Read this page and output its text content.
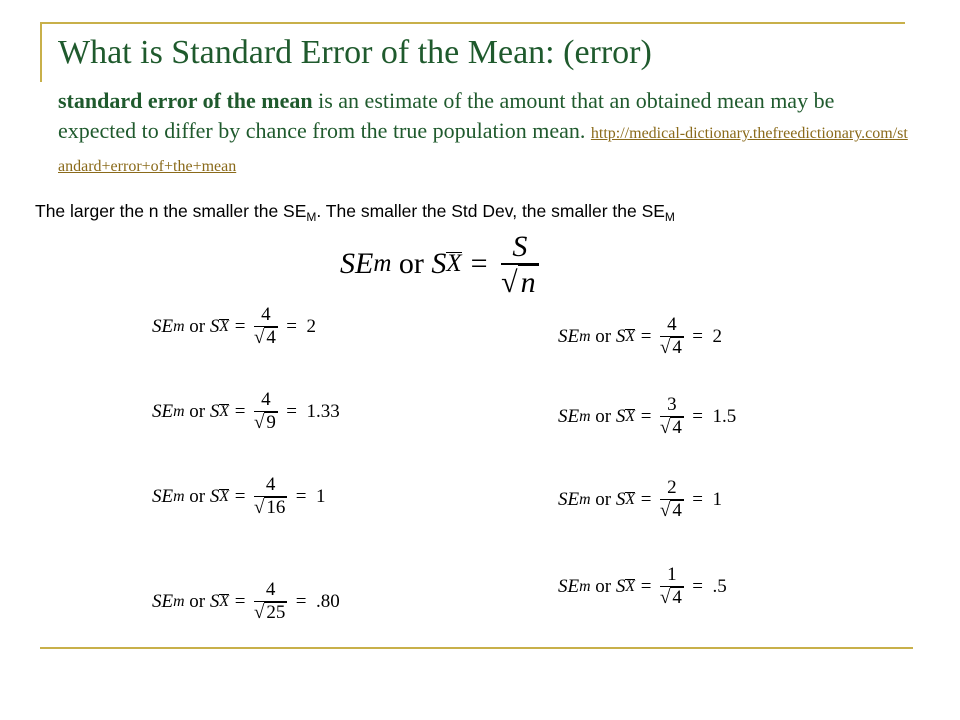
What is Standard Error of the Mean: (error)

standard error of the mean is an estimate of the amount that an obtained mean may be expected to differ by chance from the true population mean. http://medical-dictionary.thefreedictionary.com/standard+error+of+the+mean

The larger the n the smaller the $SE_M$. The smaller the Std Dev, the smaller the $SE_M$

SE m or S $X = \frac{S}{√ n}$
SE m or S $X = \frac{4}{√ 4} = 2$
SE m or S $X = \frac{4}{√ 9} = 1.33$
SE m or S $X = \frac{4}{√ 16} = 1$
SE m or S $X = \frac{4}{√ 25} = .80$
SE m or S $X = \frac{4}{√ 4} = 2$
SE m or S $X = \frac{3}{√ 4} = 1.5$
SE m or S $X = \frac{2}{√ 4} = 1$
SE m or S $X = \frac{1}{√ 4} = .5$
